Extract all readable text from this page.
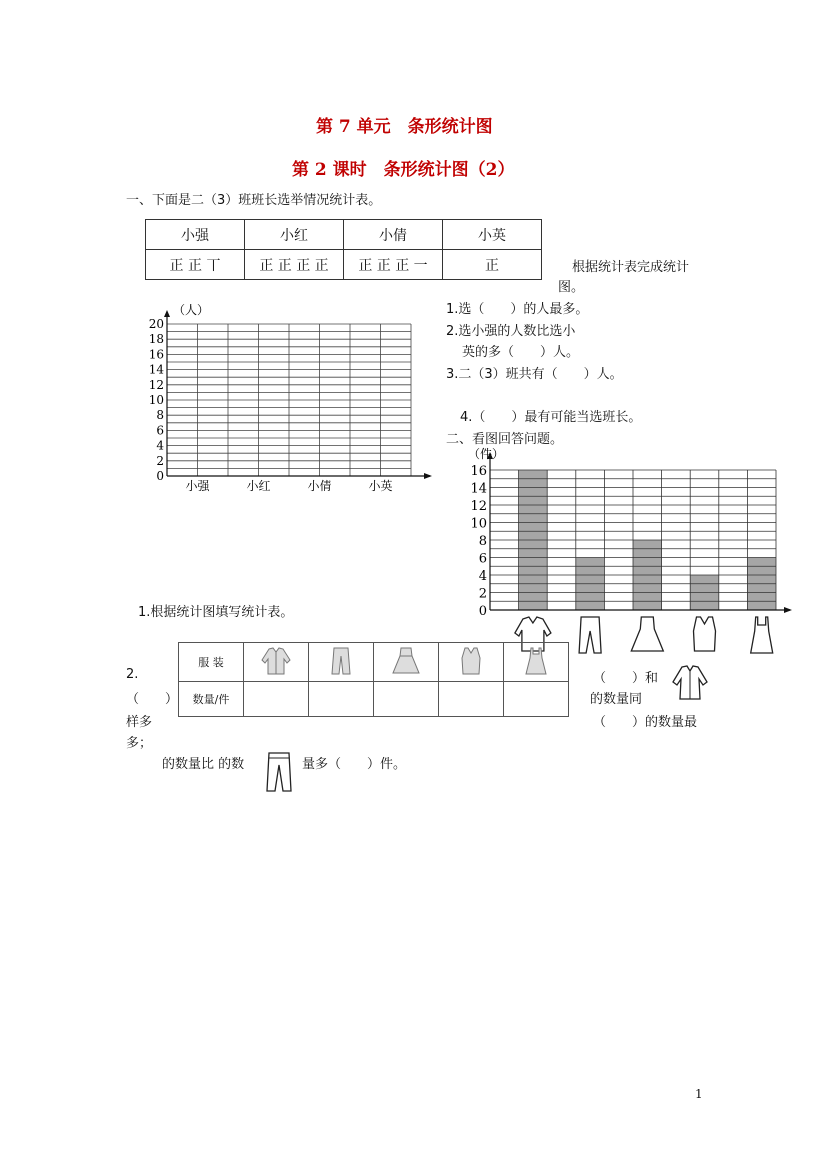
第 7 单元　条形统计图
第 2 课时　条形统计图（2）
一、下面是二（3）班班长选举情况统计表。
小强	小红	小倩	小英
正 正 丅	正 正 正 正	正 正 正 一	正	根据统计表完成统计
图。
1.选（　　）的人最多。
2.选小强的人数比选小
英的多（　　）人。
3.二（3）班共有（　　）人。
4.（　　）最有可能当选班长。
0
2
4
6
8
10
12
14
16
18
20
（人）
小强	小红	小倩	小英
二、看图回答问题。
0
2
4
6
8
10
12
14
16
（件）
1.根据统计图填写统计表。
服 装					
数量/件					
2.
（　　）
样多
多；
（　　）和
的数量同
（　　）的数量最
的数量比 的数	量多（　　）件。
1
